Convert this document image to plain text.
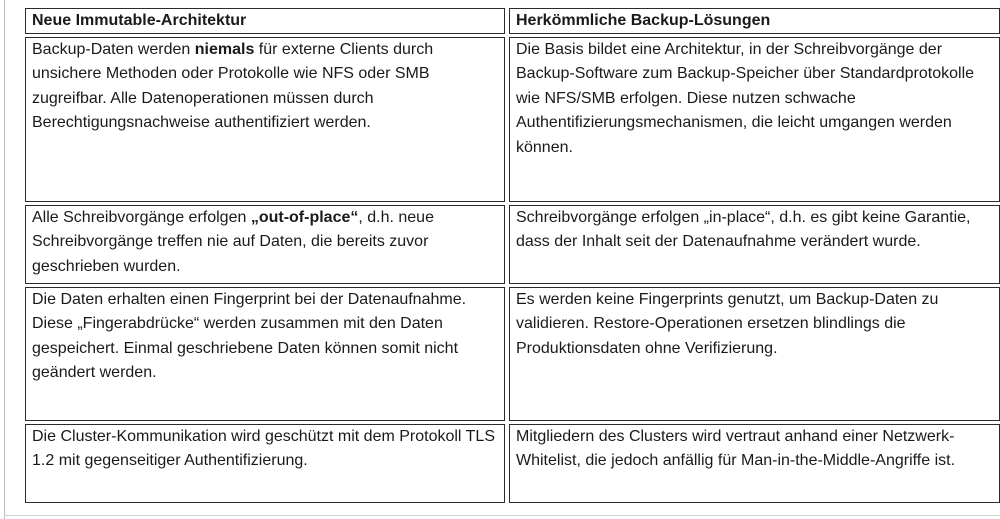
Neue Immutable-Architektur	Herkömmliche Backup-Lösungen
Backup-Daten werden niemals für externe Clients durch unsichere Methoden oder Protokolle wie NFS oder SMB zugreifbar. Alle Datenoperationen müssen durch Berechtigungsnachweise authentifiziert werden.	Die Basis bildet eine Architektur, in der Schreibvorgänge der Backup-Software zum Backup-Speicher über Standardprotokolle wie NFS/SMB erfolgen. Diese nutzen schwache Authentifizierungsmechanismen, die leicht umgangen werden können.
Alle Schreibvorgänge erfolgen „out-of-place“, d.h. neue Schreibvorgänge treffen nie auf Daten, die bereits zuvor geschrieben wurden.	Schreibvorgänge erfolgen „in-place“, d.h. es gibt keine Garantie, dass der Inhalt seit der Datenaufnahme verändert wurde.
Die Daten erhalten einen Fingerprint bei der Datenaufnahme. Diese „Fingerabdrücke“ werden zusammen mit den Daten gespeichert. Einmal geschriebene Daten können somit nicht geändert werden.	Es werden keine Fingerprints genutzt, um Backup-Daten zu validieren. Restore-Operationen ersetzen blindlings die Produktionsdaten ohne Verifizierung.
Die Cluster-Kommunikation wird geschützt mit dem Protokoll TLS 1.2 mit gegenseitiger Authentifizierung.	Mitgliedern des Clusters wird vertraut anhand einer Netzwerk-Whitelist, die jedoch anfällig für Man-in-the-Middle-Angriffe ist.
